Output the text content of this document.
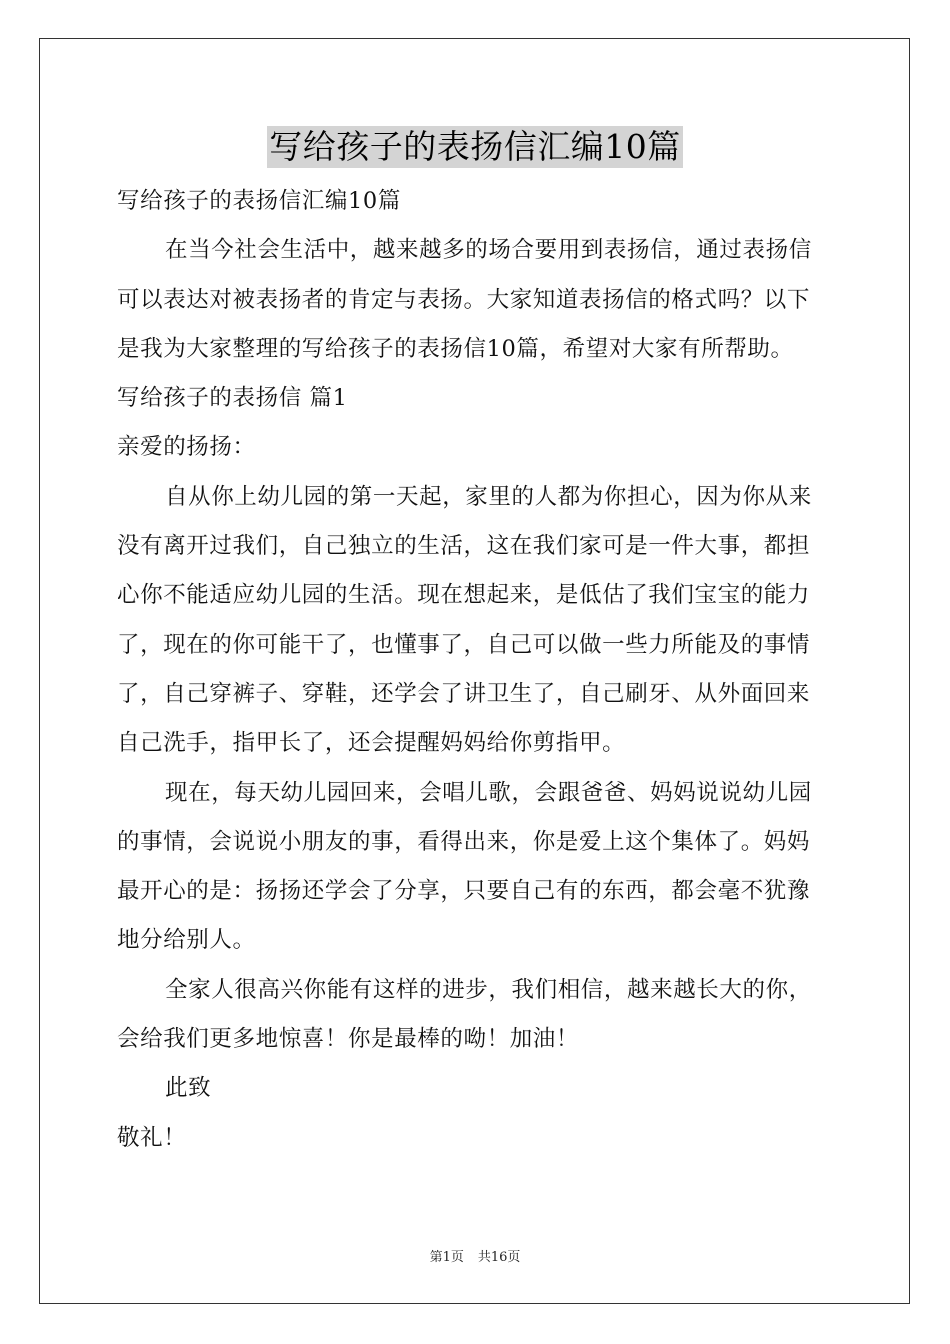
写给孩子的表扬信汇编10篇
写给孩子的表扬信汇编10篇
在当今社会生活中，越来越多的场合要用到表扬信，通过表扬信
可以表达对被表扬者的肯定与表扬。大家知道表扬信的格式吗？以下
是我为大家整理的写给孩子的表扬信10篇，希望对大家有所帮助。
写给孩子的表扬信 篇1
亲爱的扬扬：
自从你上幼儿园的第一天起，家里的人都为你担心，因为你从来
没有离开过我们，自己独立的生活，这在我们家可是一件大事，都担
心你不能适应幼儿园的生活。现在想起来，是低估了我们宝宝的能力
了，现在的你可能干了，也懂事了，自己可以做一些力所能及的事情
了，自己穿裤子、穿鞋，还学会了讲卫生了，自己刷牙、从外面回来
自己洗手，指甲长了，还会提醒妈妈给你剪指甲。
现在，每天幼儿园回来，会唱儿歌，会跟爸爸、妈妈说说幼儿园
的事情，会说说小朋友的事，看得出来，你是爱上这个集体了。妈妈
最开心的是：扬扬还学会了分享，只要自己有的东西，都会毫不犹豫
地分给别人。
全家人很高兴你能有这样的进步，我们相信，越来越长大的你，
会给我们更多地惊喜！你是最棒的呦！加油！
此致
敬礼！
第1页 共16页
